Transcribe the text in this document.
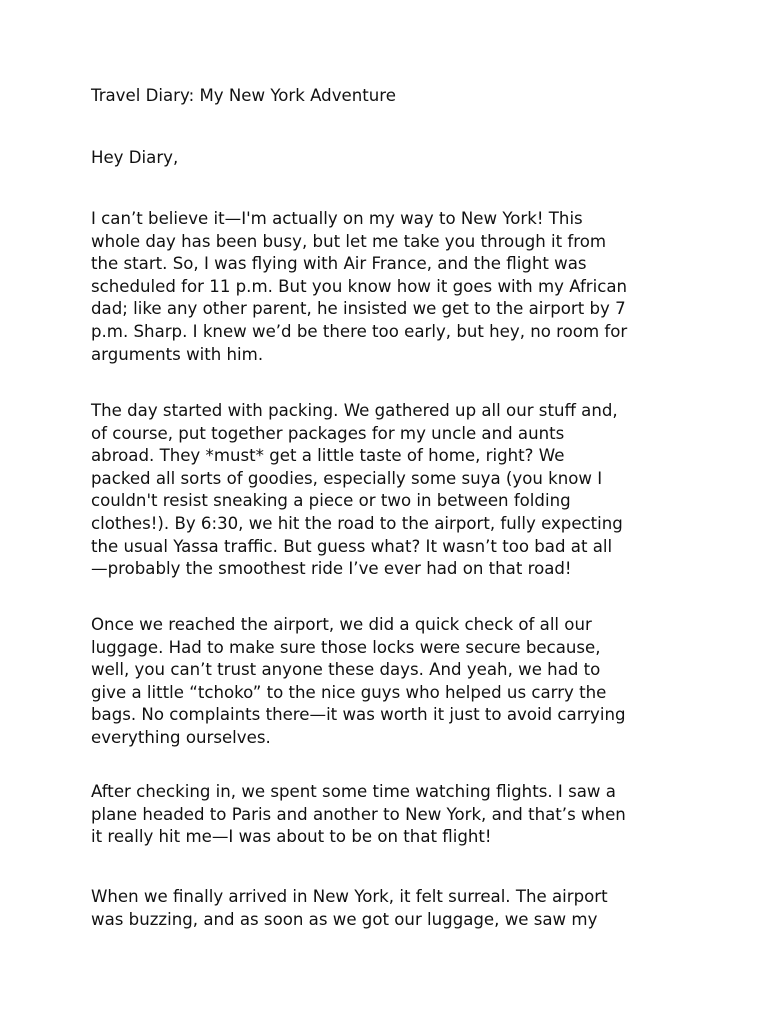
Travel Diary: My New York Adventure

Hey Diary,

I can’t believe it—I'm actually on my way to New York! This
whole day has been busy, but let me take you through it from
the start. So, I was flying with Air France, and the flight was
scheduled for 11 p.m. But you know how it goes with my African
dad; like any other parent, he insisted we get to the airport by 7
p.m. Sharp. I knew we’d be there too early, but hey, no room for
arguments with him.
The day started with packing. We gathered up all our stuff and,
of course, put together packages for my uncle and aunts
abroad. They *must* get a little taste of home, right? We
packed all sorts of goodies, especially some suya (you know I
couldn't resist sneaking a piece or two in between folding
clothes!). By 6:30, we hit the road to the airport, fully expecting
the usual Yassa traffic. But guess what? It wasn’t too bad at all
—probably the smoothest ride I’ve ever had on that road!
Once we reached the airport, we did a quick check of all our
luggage. Had to make sure those locks were secure because,
well, you can’t trust anyone these days. And yeah, we had to
give a little “tchoko” to the nice guys who helped us carry the
bags. No complaints there—it was worth it just to avoid carrying
everything ourselves.
After checking in, we spent some time watching flights. I saw a
plane headed to Paris and another to New York, and that’s when
it really hit me—I was about to be on that flight!
When we finally arrived in New York, it felt surreal. The airport
was buzzing, and as soon as we got our luggage, we saw my
